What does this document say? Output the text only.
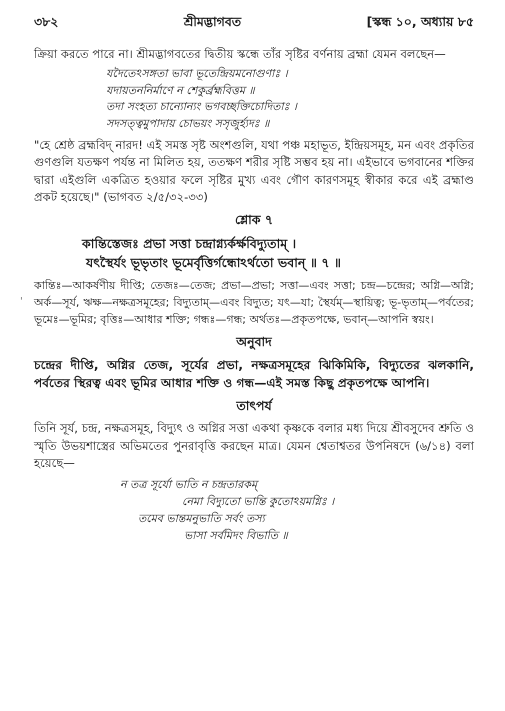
৩৮২	শ্রীমদ্ভাগবত	[স্কন্ধ ১০, অধ্যায় ৮৫

ক্রিয়া করতে পারে না। শ্রীমদ্ভাগবতের দ্বিতীয় স্কন্ধে তাঁর সৃষ্টির বর্ণনায় ব্রহ্মা যেমন বলছেন—

যদৈতেঽসঙ্গতা ভাবা ভূতেন্দ্রিয়মনোগুণাঃ ।
যদায়তননির্মাণে ন শেকুর্ব্রহ্মবিত্তম ॥
তদা সংহত্য চান্যোন্যং ভগবচ্ছক্তিচোদিতাঃ ।
সদসত্ত্বমুপাদায় চোভয়ং সসৃজুর্হ্যদঃ ॥

"হে শ্রেষ্ঠ ব্রহ্মবিদ্‌ নারদ! এই সমস্ত সৃষ্ট অংশগুলি, যথা পঞ্চ মহাভূত, ইন্দ্রিয়সমূহ, মন এবং প্রকৃতির গুণগুলি যতক্ষণ পর্যন্ত না মিলিত হয়, ততক্ষণ শরীর সৃষ্টি সম্ভব হয় না। এইভাবে ভগবানের শক্তির দ্বারা এইগুলি একত্রিত হওয়ার ফলে সৃষ্টির মুখ্য এবং গৌণ কারণসমূহ স্বীকার করে এই ব্রহ্মাণ্ড প্রকট হয়েছে।" (ভাগবত ২/৫/৩২-৩৩)

শ্লোক ৭
কান্তিস্তেজঃ প্রভা সত্তা চন্দ্রাগ্ন্যর্কর্ক্ষবিদ্যুতাম্‌ ।
যৎস্থৈর্যং ভূভৃতাং ভূমের্বৃত্তির্গন্ধোঽর্থতো ভবান্‌ ॥ ৭ ॥

কান্তিঃ—আকর্ষণীয় দীপ্তি; তেজঃ—তেজ; প্রভা—প্রভা; সত্তা—এবং সত্তা; চন্দ্র—চন্দ্রের; অগ্নি—অগ্নি; অর্ক—সূর্য, ঋক্ষ—নক্ষত্রসমূহের; বিদ্যুতাম্‌—এবং বিদ্যুত; যৎ—যা; স্থৈর্যম্‌—স্থায়িত্ব; ভূ-ভৃতাম্‌—পর্বতের; ভূমেঃ—ভূমির; বৃত্তিঃ—আধার শক্তি; গন্ধঃ—গন্ধ; অর্থতঃ—প্রকৃতপক্ষে, ভবান্‌—আপনি স্বয়ং।

অনুবাদ

চন্দ্রের দীপ্তি, অগ্নির তেজ, সূর্যের প্রভা, নক্ষত্রসমূহের ঝিকিমিকি, বিদ্যুতের ঝলকানি, পর্বতের স্থিরত্ব এবং ভূমির আধার শক্তি ও গন্ধ—এই সমস্ত কিছু প্রকৃতপক্ষে আপনি।

তাৎপর্য

তিনি সূর্য, চন্দ্র, নক্ষত্রসমূহ, বিদ্যুৎ ও অগ্নির সত্তা একথা কৃষ্ণকে বলার মধ্য দিয়ে শ্রীবসুদেব শ্রুতি ও স্মৃতি উভয়শাস্ত্রের অভিমতের পুনরাবৃত্তি করছেন মাত্র। যেমন শ্বেতাশ্বতর উপনিষদে (৬/১৪) বলা হয়েছে—

ন তত্র সূর্যো ভাতি ন চন্দ্রতারকম্‌
নেমা বিদ্যুতো ভান্তি কুতোঽয়মগ্নিঃ ।
তমেব ভান্তমনুভাতি সর্বং তস্য
ভাসা সর্বমিদং বিভাতি ॥
'
